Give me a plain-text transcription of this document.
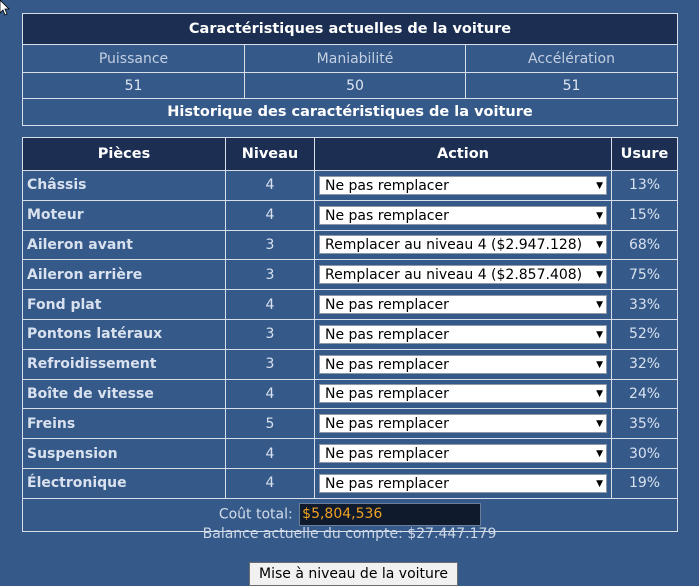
Caractéristiques actuelles de la voiture		
Puissance	Maniabilité	Accélération
51	50	51
Historique des caractéristiques de la voiture		
Pièces	Niveau	Action	Usure
Châssis	4	Ne pas remplacer ▼	13%
Moteur	4	Ne pas remplacer ▼	15%
Aileron avant	3	Remplacer au niveau 4 ($2.947.128) ▼	68%
Aileron arrière	3	Remplacer au niveau 4 ($2.857.408) ▼	75%
Fond plat	4	Ne pas remplacer ▼	33%
Pontons latéraux	3	Ne pas remplacer ▼	52%
Refroidissement	3	Ne pas remplacer ▼	32%
Boîte de vitesse	4	Ne pas remplacer ▼	24%
Freins	5	Ne pas remplacer ▼	35%
Suspension	4	Ne pas remplacer ▼	30%
Électronique	4	Ne pas remplacer ▼	19%
Coût total: $5,804,536			
Balance actuelle du compte: $27.447.179
Mise à niveau de la voiture
